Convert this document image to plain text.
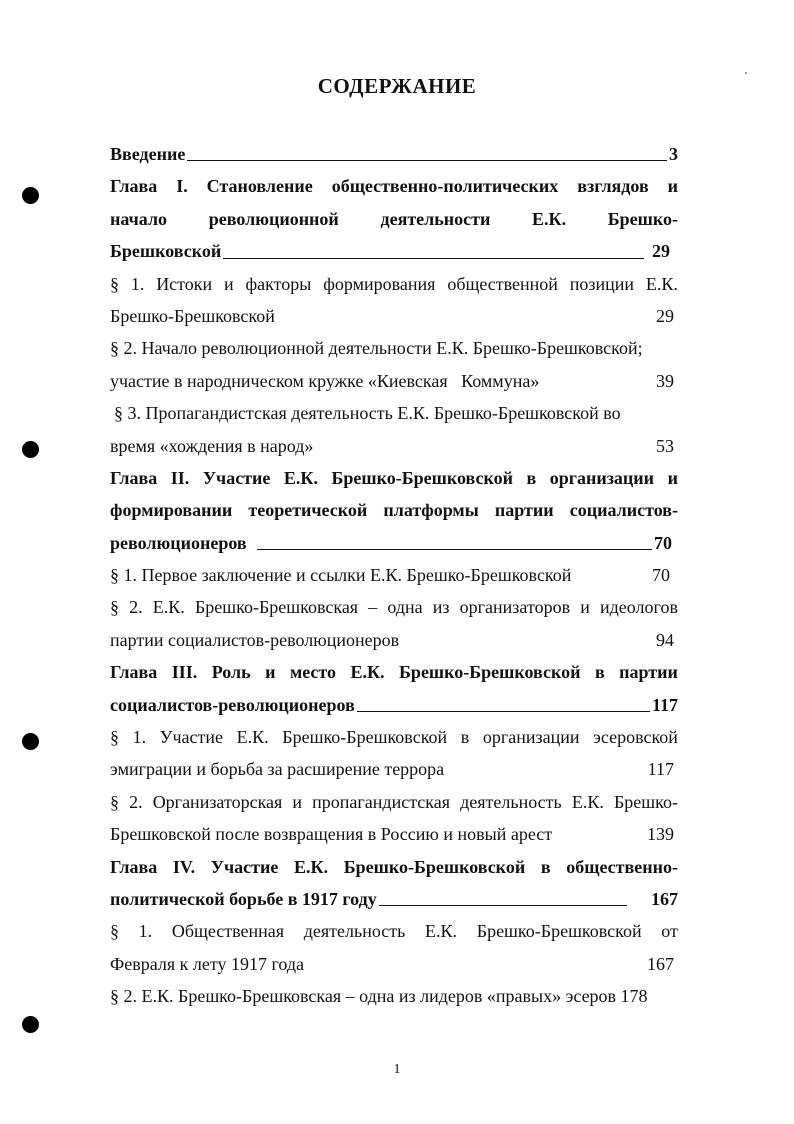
СОДЕРЖАНИЕ
Введение	3
Глава I. Становление общественно-политических взглядов и
начало революционной деятельности Е.К. Брешко-
Брешковской	29
§ 1. Истоки и факторы формирования общественной позиции Е.К.
Брешко-Брешковской	29
§ 2. Начало революционной деятельности Е.К. Брешко-Брешковской;
участие в народническом кружке «Киевская   Коммуна»	39
§ 3. Пропагандистская деятельность Е.К. Брешко-Брешковской во
время «хождения в народ»	53
Глава II. Участие Е.К. Брешко-Брешковской в организации и
формировании теоретической платформы партии социалистов-
революционеров	70
§ 1. Первое заключение и ссылки Е.К. Брешко-Брешковской	70
§ 2. Е.К. Брешко-Брешковская – одна из организаторов и идеологов
партии социалистов-революционеров	94
Глава III. Роль и место Е.К. Брешко-Брешковской в партии
социалистов-революционеров	117
§ 1. Участие Е.К. Брешко-Брешковской в организации эсеровской
эмиграции и борьба за расширение террора	117
§ 2. Организаторская и пропагандистская деятельность Е.К. Брешко-
Брешковской после возвращения в Россию и новый арест	139
Глава IV. Участие Е.К. Брешко-Брешковской в общественно-
политической борьбе в 1917 году	167
§ 1. Общественная деятельность Е.К. Брешко-Брешковской от
Февраля к лету 1917 года	167
§ 2. Е.К. Брешко-Брешковская – одна из лидеров «правых» эсеров 178
1
